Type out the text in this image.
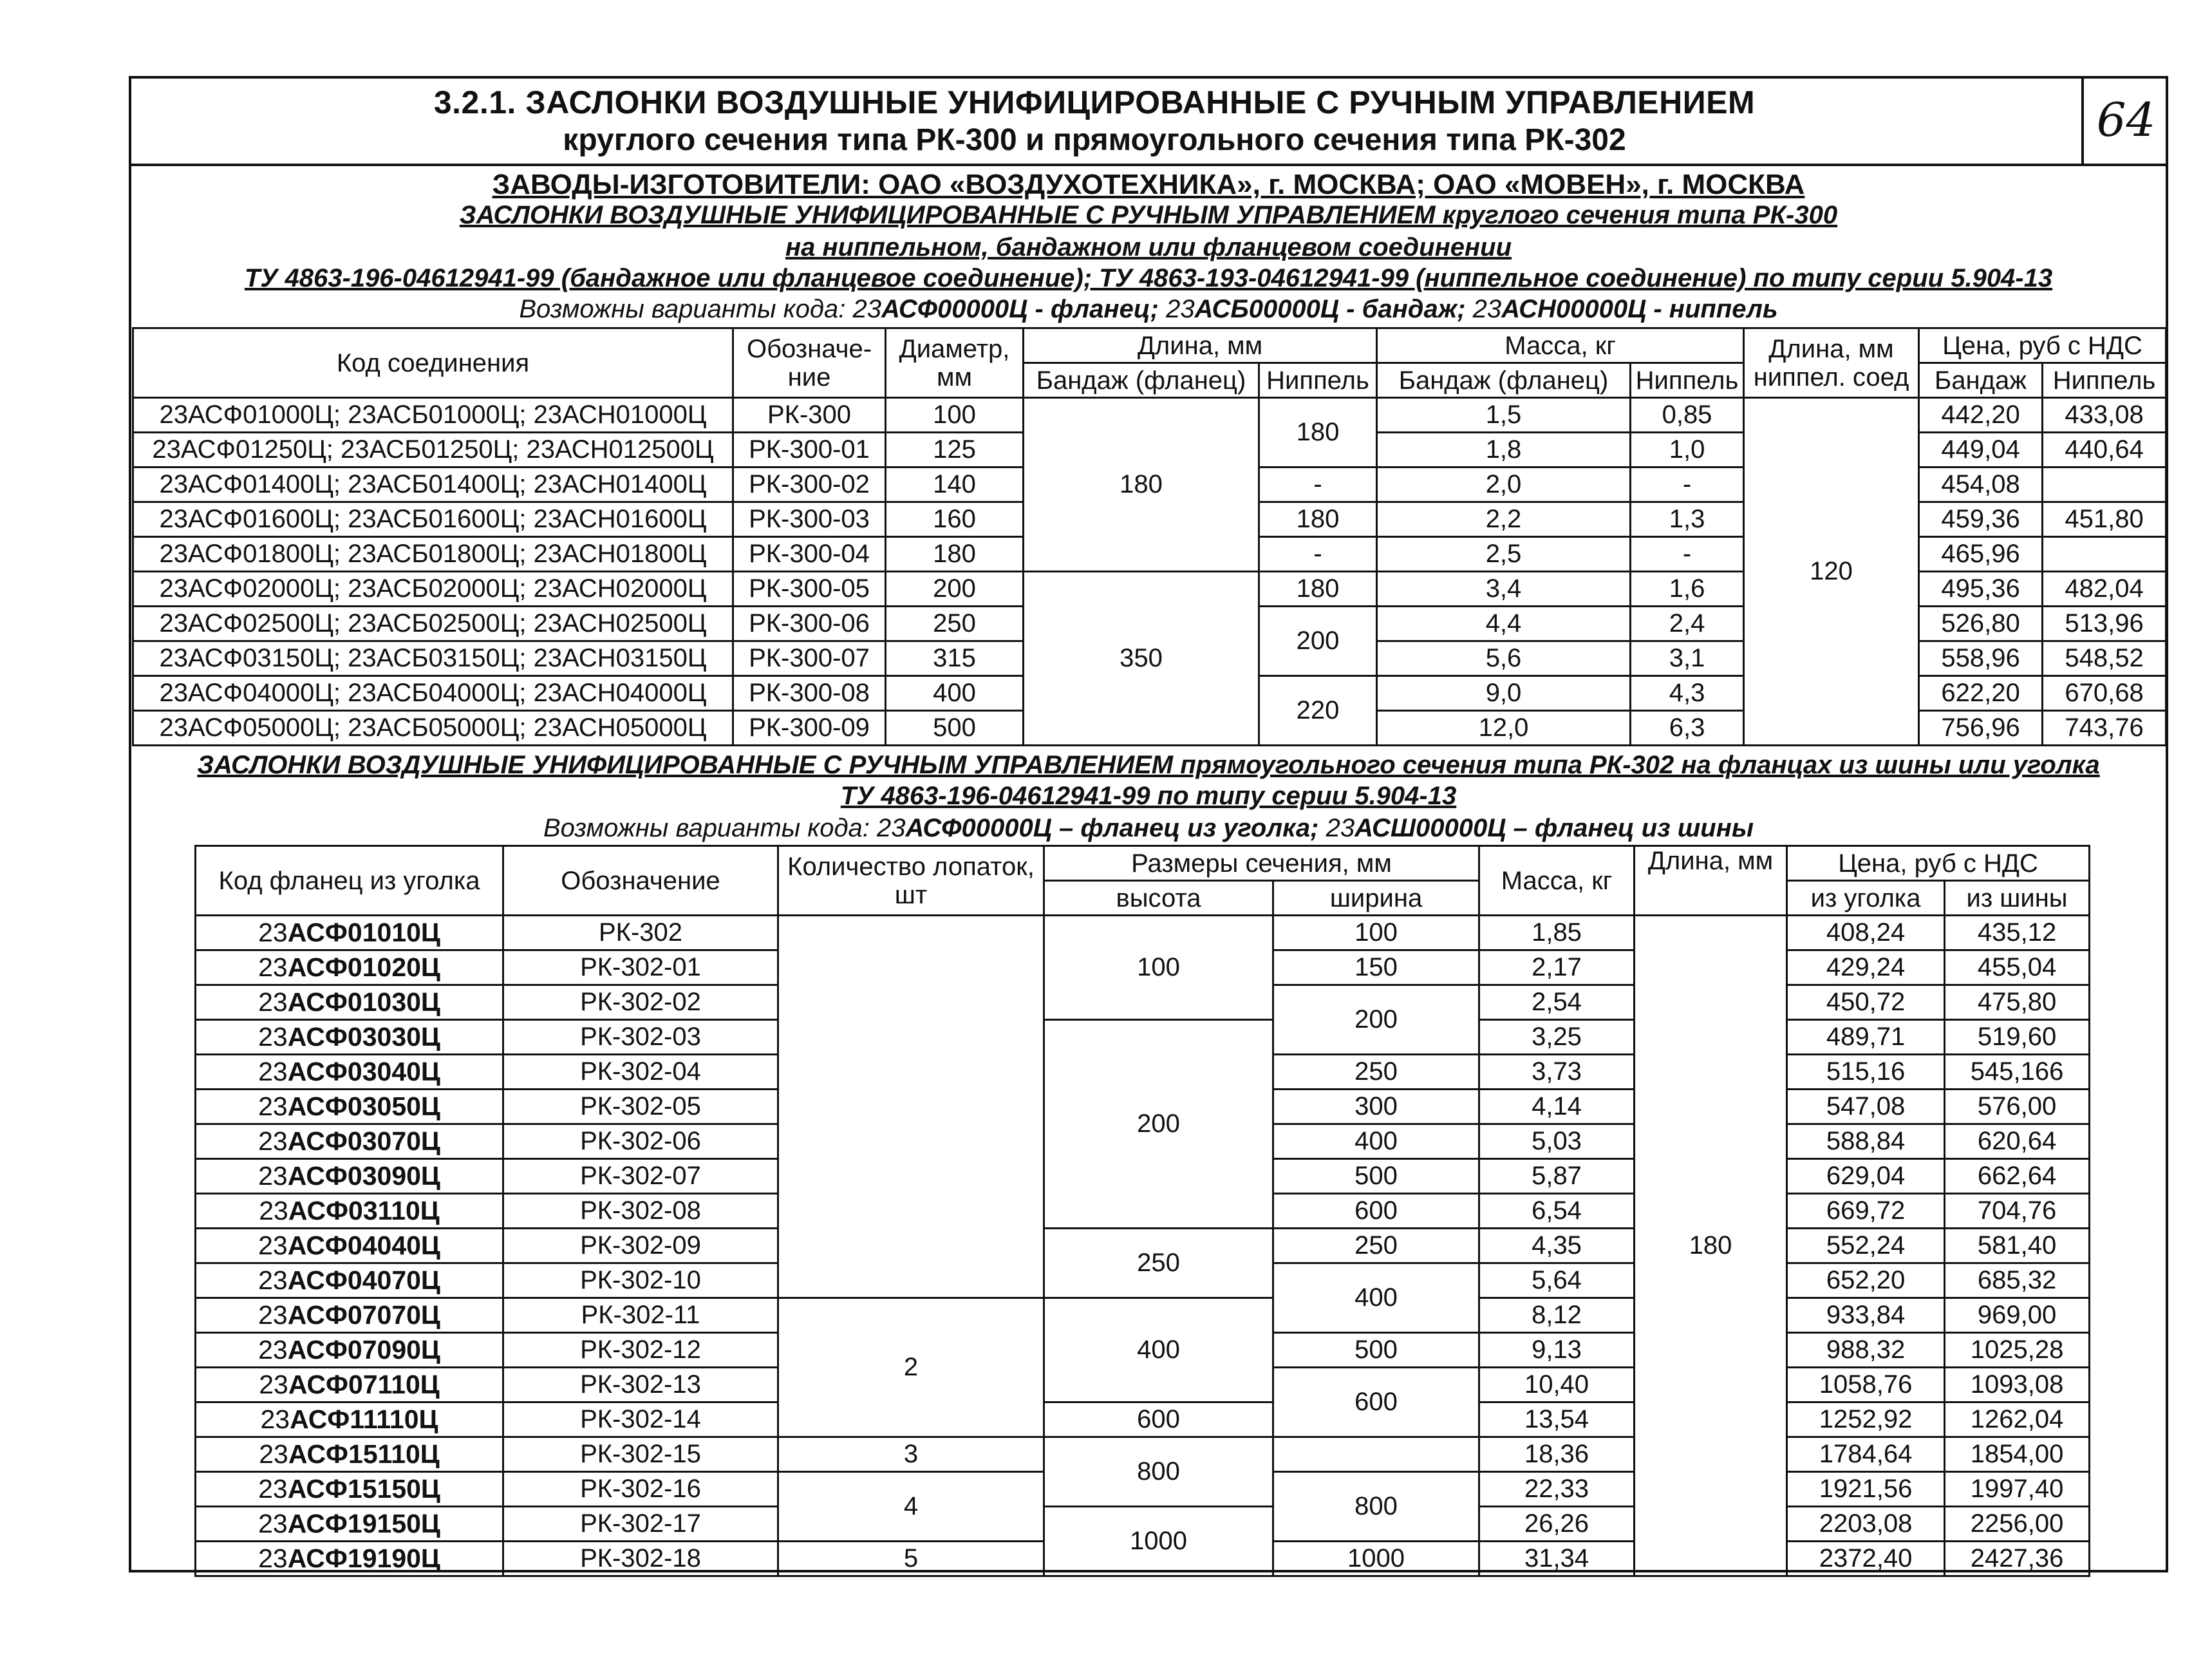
3.2.1. ЗАСЛОНКИ ВОЗДУШНЫЕ УНИФИЦИРОВАННЫЕ С РУЧНЫМ УПРАВЛЕНИЕМ
круглого сечения типа РК-300 и прямоугольного сечения типа РК-302	64
ЗАВОДЫ-ИЗГОТОВИТЕЛИ: ОАО «ВОЗДУХОТЕХНИКА», г. МОСКВА; ОАО «МОВЕН», г. МОСКВА
ЗАСЛОНКИ ВОЗДУШНЫЕ УНИФИЦИРОВАННЫЕ С РУЧНЫМ УПРАВЛЕНИЕМ круглого сечения типа РК-300
на ниппельном, бандажном или фланцевом соединении
ТУ 4863-196-04612941-99 (бандажное или фланцевое соединение); ТУ 4863-193-04612941-99 (ниппельное соединение) по типу серии 5.904-13
Возможны варианты кода: 23АСФ00000Ц - фланец; 23АСБ00000Ц - бандаж; 23АСН00000Ц - ниппель
Код соединения	Обозначе-ние	Диаметр, мм	Длина, мм		Масса, кг		Длина, мм ниппел. соед	Цена, руб с НДС	
			Бандаж (фланец)	Ниппель	Бандаж (фланец)	Ниппель		Бандаж	Ниппель
23АСФ01000Ц; 23АСБ01000Ц; 23АСН01000Ц	РК-300	100	180	180	1,5	0,85	120	442,20	433,08
23АСФ01250Ц; 23АСБ01250Ц; 23АСН012500Ц	РК-300-01	125			1,8	1,0		449,04	440,64
23АСФ01400Ц; 23АСБ01400Ц; 23АСН01400Ц	РК-300-02	140		-	2,0	-		454,08	
23АСФ01600Ц; 23АСБ01600Ц; 23АСН01600Ц	РК-300-03	160		180	2,2	1,3		459,36	451,80
23АСФ01800Ц; 23АСБ01800Ц; 23АСН01800Ц	РК-300-04	180		-	2,5	-		465,96	
23АСФ02000Ц; 23АСБ02000Ц; 23АСН02000Ц	РК-300-05	200	350	180	3,4	1,6		495,36	482,04
23АСФ02500Ц; 23АСБ02500Ц; 23АСН02500Ц	РК-300-06	250		200	4,4	2,4		526,80	513,96
23АСФ03150Ц; 23АСБ03150Ц; 23АСН03150Ц	РК-300-07	315			5,6	3,1		558,96	548,52
23АСФ04000Ц; 23АСБ04000Ц; 23АСН04000Ц	РК-300-08	400		220	9,0	4,3		622,20	670,68
23АСФ05000Ц; 23АСБ05000Ц; 23АСН05000Ц	РК-300-09	500			12,0	6,3		756,96	743,76
ЗАСЛОНКИ ВОЗДУШНЫЕ УНИФИЦИРОВАННЫЕ С РУЧНЫМ УПРАВЛЕНИЕМ прямоугольного сечения типа РК-302 на фланцах из шины или уголка
ТУ 4863-196-04612941-99 по типу серии 5.904-13
Возможны варианты кода: 23АСФ00000Ц – фланец из уголка; 23АСШ00000Ц – фланец из шины
Код фланец из уголка	Обозначение	Количество лопаток, шт	Размеры сечения, мм		Масса, кг	Длина, мм	Цена, руб с НДС	
			высота	ширина			из уголка	из шины
23АСФ01010Ц	РК-302		100	100	1,85	180	408,24	435,12
23АСФ01020Ц	РК-302-01			150	2,17		429,24	455,04
23АСФ01030Ц	РК-302-02			200	2,54		450,72	475,80
23АСФ03030Ц	РК-302-03		200		3,25		489,71	519,60
23АСФ03040Ц	РК-302-04			250	3,73		515,16	545,166
23АСФ03050Ц	РК-302-05			300	4,14		547,08	576,00
23АСФ03070Ц	РК-302-06			400	5,03		588,84	620,64
23АСФ03090Ц	РК-302-07			500	5,87		629,04	662,64
23АСФ03110Ц	РК-302-08			600	6,54		669,72	704,76
23АСФ04040Ц	РК-302-09		250	250	4,35		552,24	581,40
23АСФ04070Ц	РК-302-10			400	5,64		652,20	685,32
23АСФ07070Ц	РК-302-11	2	400		8,12		933,84	969,00
23АСФ07090Ц	РК-302-12			500	9,13		988,32	1025,28
23АСФ07110Ц	РК-302-13			600	10,40		1058,76	1093,08
23АСФ11110Ц	РК-302-14		600		13,54		1252,92	1262,04
23АСФ15110Ц	РК-302-15	3	800		18,36		1784,64	1854,00
23АСФ15150Ц	РК-302-16	4		800	22,33		1921,56	1997,40
23АСФ19150Ц	РК-302-17		1000		26,26		2203,08	2256,00
23АСФ19190Ц	РК-302-18	5		1000	31,34		2372,40	2427,36
